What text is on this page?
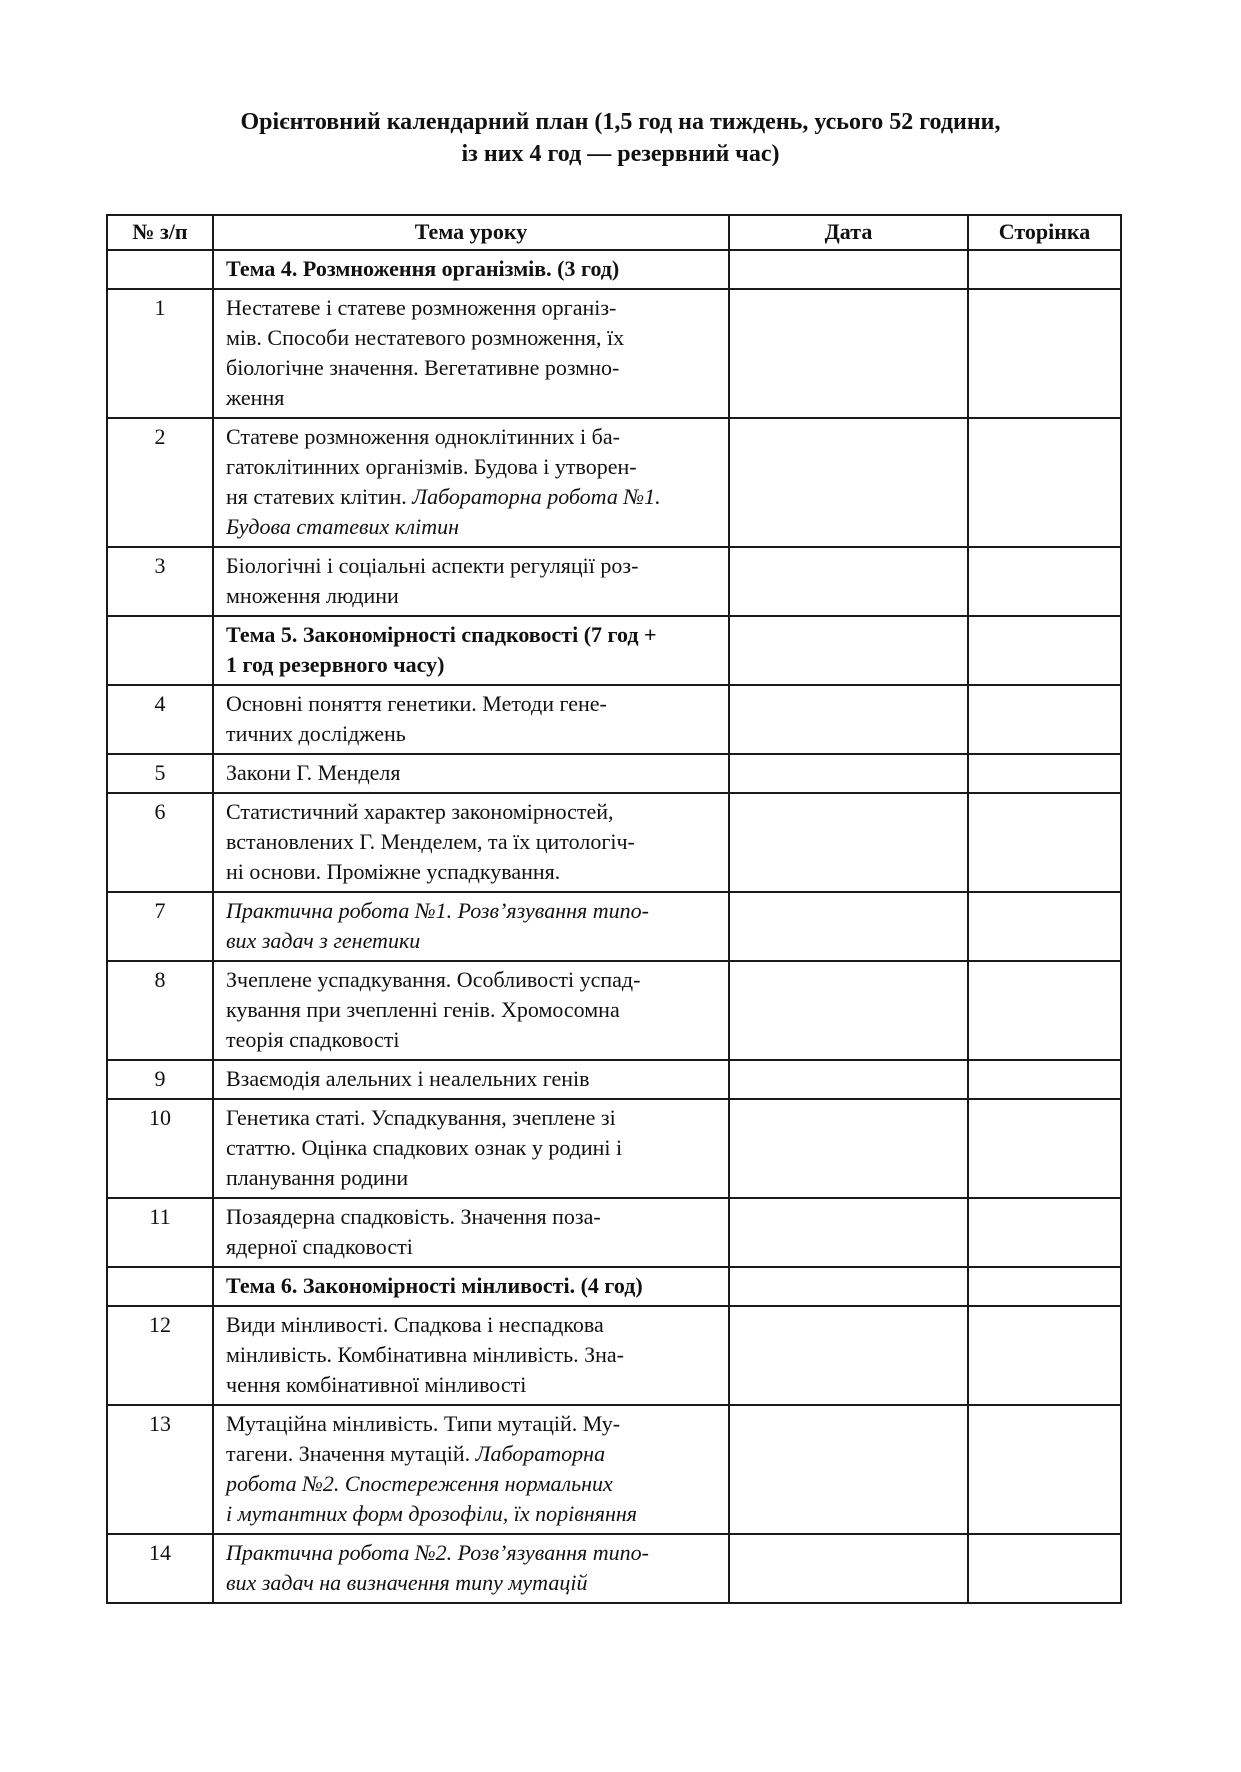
Орієнтовний календарний план (1,5 год на тиждень, усього 52 години,
із них 4 год — резервний час)
№ з/п	Тема уроку	Дата	Сторінка
	Тема 4. Розмноження організмів. (3 год)		
1	Нестатеве і статеве розмноження організ-
мів. Способи нестатевого розмноження, їх
біологічне значення. Вегетативне розмно-
ження		
2	Статеве розмноження одноклітинних і ба-
гатоклітинних організмів. Будова і утворен-
ня статевих клітин. Лабораторна робота №1.
Будова статевих клітин		
3	Біологічні і соціальні аспекти регуляції роз-
множення людини		
	Тема 5. Закономірності спадковості (7 год +
1 год резервного часу)		
4	Основні поняття генетики. Методи гене-
тичних досліджень		
5	Закони Г. Менделя		
6	Статистичний характер закономірностей,
встановлених Г. Менделем, та їх цитологіч-
ні основи. Проміжне успадкування.		
7	Практична робота №1. Розв’язування типо-
вих задач з генетики		
8	Зчеплене успадкування. Особливості успад-
кування при зчепленні генів. Хромосомна
теорія спадковості		
9	Взаємодія алельних і неалельних генів		
10	Генетика статі. Успадкування, зчеплене зі
статтю. Оцінка спадкових ознак у родині і
планування родини		
11	Позаядерна спадковість. Значення поза-
ядерної спадковості		
	Тема 6. Закономірності мінливості. (4 год)		
12	Види мінливості. Спадкова і неспадкова
мінливість. Комбінативна мінливість. Зна-
чення комбінативної мінливості		
13	Мутаційна мінливість. Типи мутацій. Му-
тагени. Значення мутацій. Лабораторна
робота №2. Спостереження нормальних
і мутантних форм дрозофіли, їх порівняння		
14	Практична робота №2. Розв’язування типо-
вих задач на визначення типу мутацій		
